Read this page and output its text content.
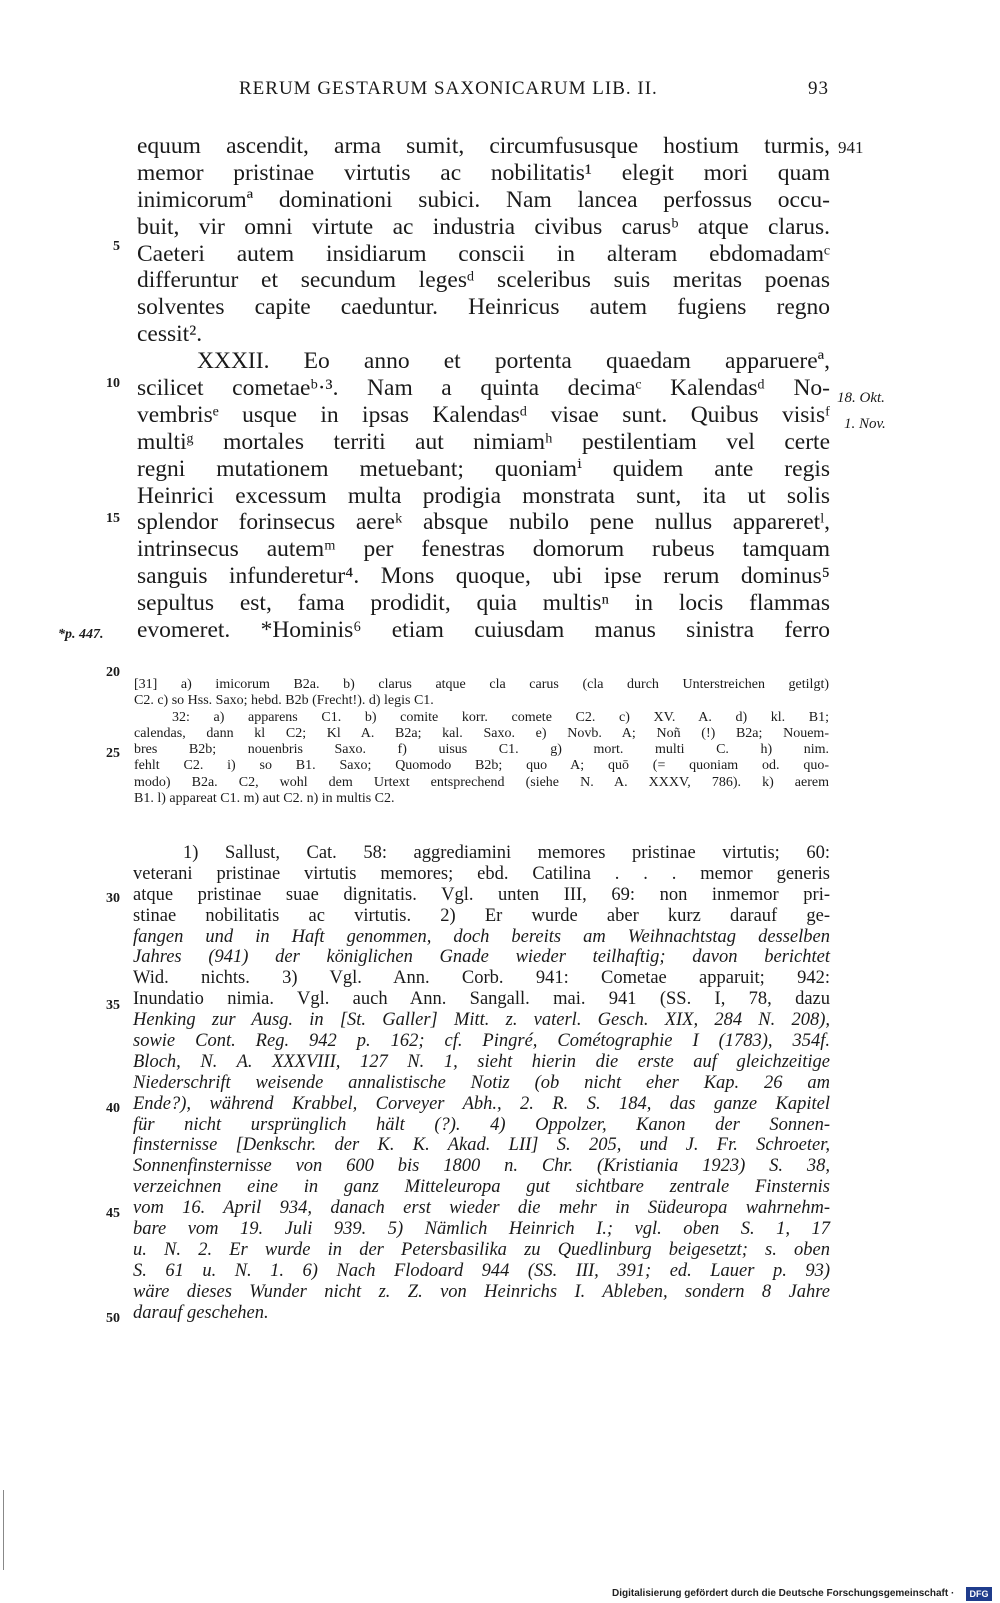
RERUM GESTARUM SAXONICARUM LIB. II.	93
equum ascendit, arma sumit, circumfususque hostium turmis,
memor pristinae virtutis ac nobilitatis¹ elegit mori quam
inimicorumª dominationi subici. Nam lancea perfossus occu-
buit, vir omni virtute ac industria civibus carusᵇ atque clarus.
Caeteri autem insidiarum conscii in alteram ebdomadamᶜ
differuntur et secundum legesᵈ sceleribus suis meritas poenas
solventes capite caeduntur. Heinricus autem fugiens regno
cessit².
XXXII. Eo anno et portenta quaedam apparuereª,
scilicet cometaeᵇ·³. Nam a quinta decimaᶜ Kalendasᵈ No-
vembrisᵉ usque in ipsas Kalendasᵈ visae sunt. Quibus visisᶠ
multiᵍ mortales territi aut nimiamʰ pestilentiam vel certe
regni mutationem metuebant; quoniamⁱ quidem ante regis
Heinrici excessum multa prodigia monstrata sunt, ita ut solis
splendor forinsecus aereᵏ absque nubilo pene nullus appareretˡ,
intrinsecus autemᵐ per fenestras domorum rubeus tamquam
sanguis infunderetur⁴. Mons quoque, ubi ipse rerum dominus⁵
sepultus est, fama prodidit, quia multisⁿ in locis flammas
evomeret. *Hominis⁶ etiam cuiusdam manus sinistra ferro
5
10
15
20
25
30
35
40
45
50
941
18. Okt.
1. Nov.
*p. 447.
[31] a) imicorum B2a. b) clarus atque cla carus (cla durch Unterstreichen getilgt)
C2. c) so Hss. Saxo; hebd. B2b (Frecht!). d) legis C1.
32: a) apparens C1. b) comite korr. comete C2. c) XV. A. d) kl. B1;
calendas, dann kl C2; Kl A. B2a; kal. Saxo. e) Novb. A; Noñ (!) B2a; Nouem-
bres B2b; nouenbris Saxo. f) uisus C1. g) mort. multi C. h) nim.
fehlt C2. i) so B1. Saxo; Quomodo B2b; quo A; quō (= quoniam od. quo-
modo) B2a. C2, wohl dem Urtext entsprechend (siehe N. A. XXXV, 786). k) aerem
B1. l) appareat C1. m) aut C2. n) in multis C2.
1) Sallust, Cat. 58: aggrediamini memores pristinae virtutis; 60:
veterani pristinae virtutis memores; ebd. Catilina . . . memor generis
atque pristinae suae dignitatis. Vgl. unten III, 69: non inmemor pri-
stinae nobilitatis ac virtutis. 2) Er wurde aber kurz darauf ge-
fangen und in Haft genommen, doch bereits am Weihnachtstag desselben
Jahres (941) der königlichen Gnade wieder teilhaftig; davon berichtet
Wid. nichts. 3) Vgl. Ann. Corb. 941: Cometae apparuit; 942:
Inundatio nimia. Vgl. auch Ann. Sangall. mai. 941 (SS. I, 78, dazu
Henking zur Ausg. in [St. Galler] Mitt. z. vaterl. Gesch. XIX, 284 N. 208),
sowie Cont. Reg. 942 p. 162; cf. Pingré, Cométographie I (1783), 354f.
Bloch, N. A. XXXVIII, 127 N. 1, sieht hierin die erste auf gleichzeitige
Niederschrift weisende annalistische Notiz (ob nicht eher Kap. 26 am
Ende?), während Krabbel, Corveyer Abh., 2. R. S. 184, das ganze Kapitel
für nicht ursprünglich hält (?). 4) Oppolzer, Kanon der Sonnen-
finsternisse [Denkschr. der K. K. Akad. LII] S. 205, und J. Fr. Schroeter,
Sonnenfinsternisse von 600 bis 1800 n. Chr. (Kristiania 1923) S. 38,
verzeichnen eine in ganz Mitteleuropa gut sichtbare zentrale Finsternis
vom 16. April 934, danach erst wieder die mehr in Südeuropa wahrnehm-
bare vom 19. Juli 939. 5) Nämlich Heinrich I.; vgl. oben S. 1, 17
u. N. 2. Er wurde in der Petersbasilika zu Quedlinburg beigesetzt; s. oben
S. 61 u. N. 1. 6) Nach Flodoard 944 (SS. III, 391; ed. Lauer p. 93)
wäre dieses Wunder nicht z. Z. von Heinrichs I. Ableben, sondern 8 Jahre
darauf geschehen.
Digitalisierung gefördert durch die Deutsche Forschungsgemeinschaft ·	DFG
